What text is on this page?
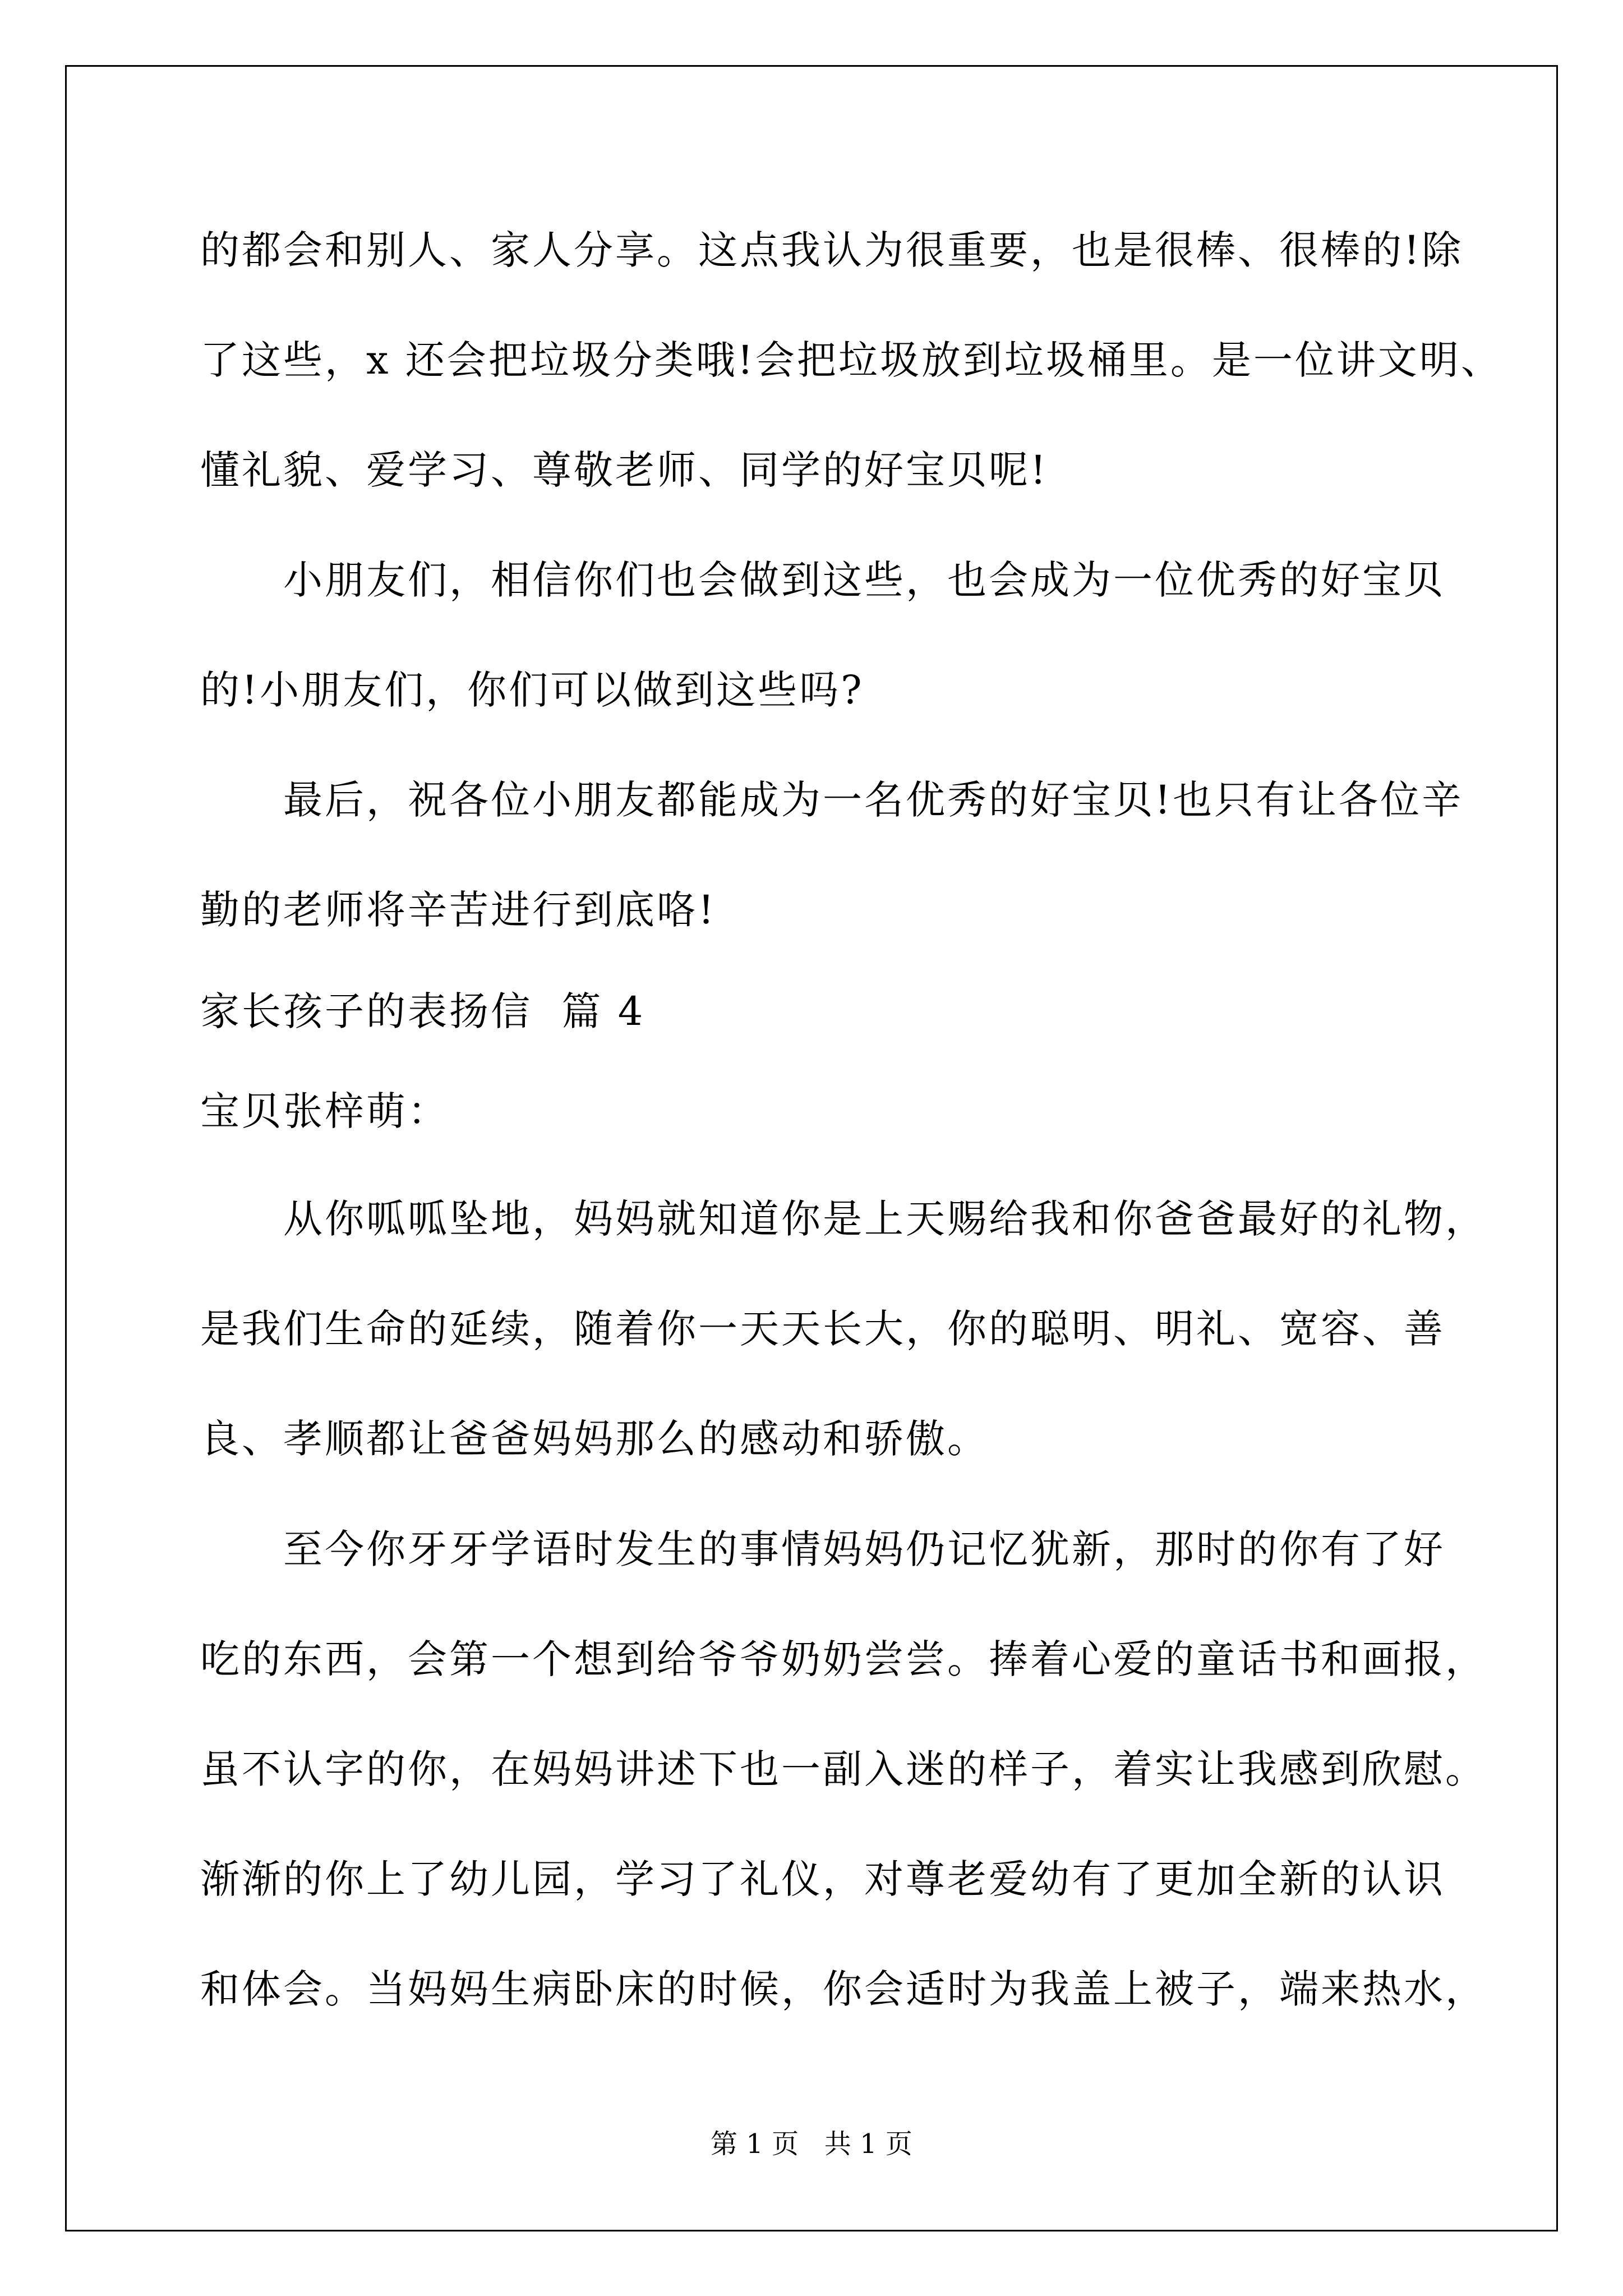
的都会和别人、家人分享。这点我认为很重要，也是很棒、很棒的!除
了这些，x 还会把垃圾分类哦!会把垃圾放到垃圾桶里。是一位讲文明、
懂礼貌、爱学习、尊敬老师、同学的好宝贝呢!
小朋友们，相信你们也会做到这些，也会成为一位优秀的好宝贝
的!小朋友们，你们可以做到这些吗?
最后，祝各位小朋友都能成为一名优秀的好宝贝!也只有让各位辛
勤的老师将辛苦进行到底咯!
家长孩子的表扬信  篇 4
宝贝张梓萌：
从你呱呱坠地，妈妈就知道你是上天赐给我和你爸爸最好的礼物，
是我们生命的延续，随着你一天天长大，你的聪明、明礼、宽容、善
良、孝顺都让爸爸妈妈那么的感动和骄傲。
至今你牙牙学语时发生的事情妈妈仍记忆犹新，那时的你有了好
吃的东西，会第一个想到给爷爷奶奶尝尝。捧着心爱的童话书和画报，
虽不认字的你，在妈妈讲述下也一副入迷的样子，着实让我感到欣慰。
渐渐的你上了幼儿园，学习了礼仪，对尊老爱幼有了更加全新的认识
和体会。当妈妈生病卧床的时候，你会适时为我盖上被子，端来热水，
第 1 页   共 1 页
